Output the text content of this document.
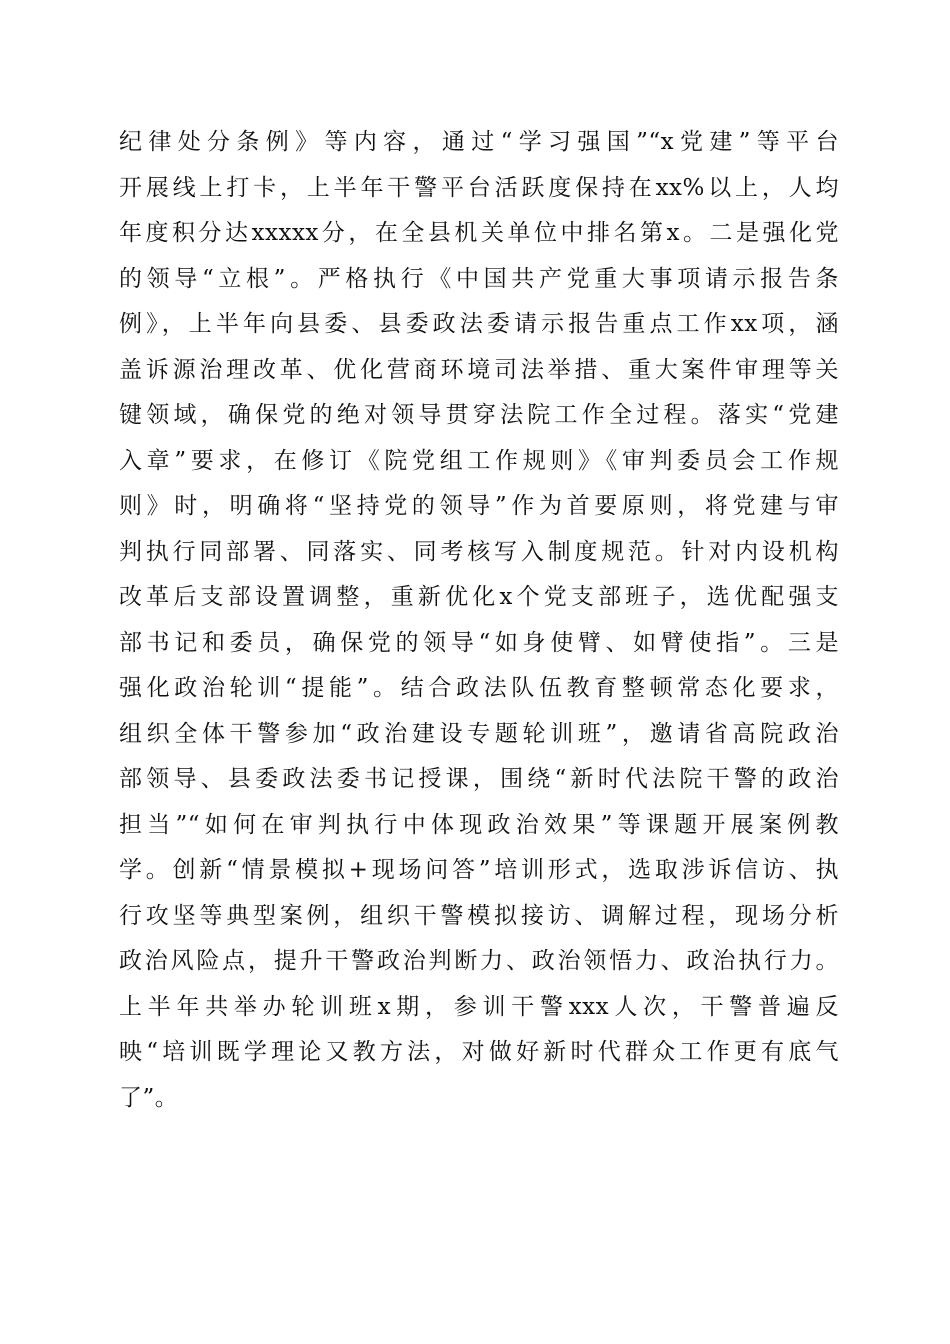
纪律处分条例》等内容，通过“学习强国”“x党建”等平台
开展线上打卡，上半年干警平台活跃度保持在xx%以上，人均
年度积分达xxxxx分，在全县机关单位中排名第x。二是强化党
的领导“立根”。严格执行《中国共产党重大事项请示报告条
例》，上半年向县委、县委政法委请示报告重点工作xx项，涵
盖诉源治理改革、优化营商环境司法举措、重大案件审理等关
键领域，确保党的绝对领导贯穿法院工作全过程。落实“党建
入章”要求，在修订《院党组工作规则》《审判委员会工作规
则》时，明确将“坚持党的领导”作为首要原则，将党建与审
判执行同部署、同落实、同考核写入制度规范。针对内设机构
改革后支部设置调整，重新优化x个党支部班子，选优配强支
部书记和委员，确保党的领导“如身使臂、如臂使指”。三是
强化政治轮训“提能”。结合政法队伍教育整顿常态化要求，
组织全体干警参加“政治建设专题轮训班”，邀请省高院政治
部领导、县委政法委书记授课，围绕“新时代法院干警的政治
担当”“如何在审判执行中体现政治效果”等课题开展案例教
学。创新“情景模拟+现场问答”培训形式，选取涉诉信访、执
行攻坚等典型案例，组织干警模拟接访、调解过程，现场分析
政治风险点，提升干警政治判断力、政治领悟力、政治执行力。
上半年共举办轮训班x期，参训干警xxx人次，干警普遍反
映“培训既学理论又教方法，对做好新时代群众工作更有底气
了”。
